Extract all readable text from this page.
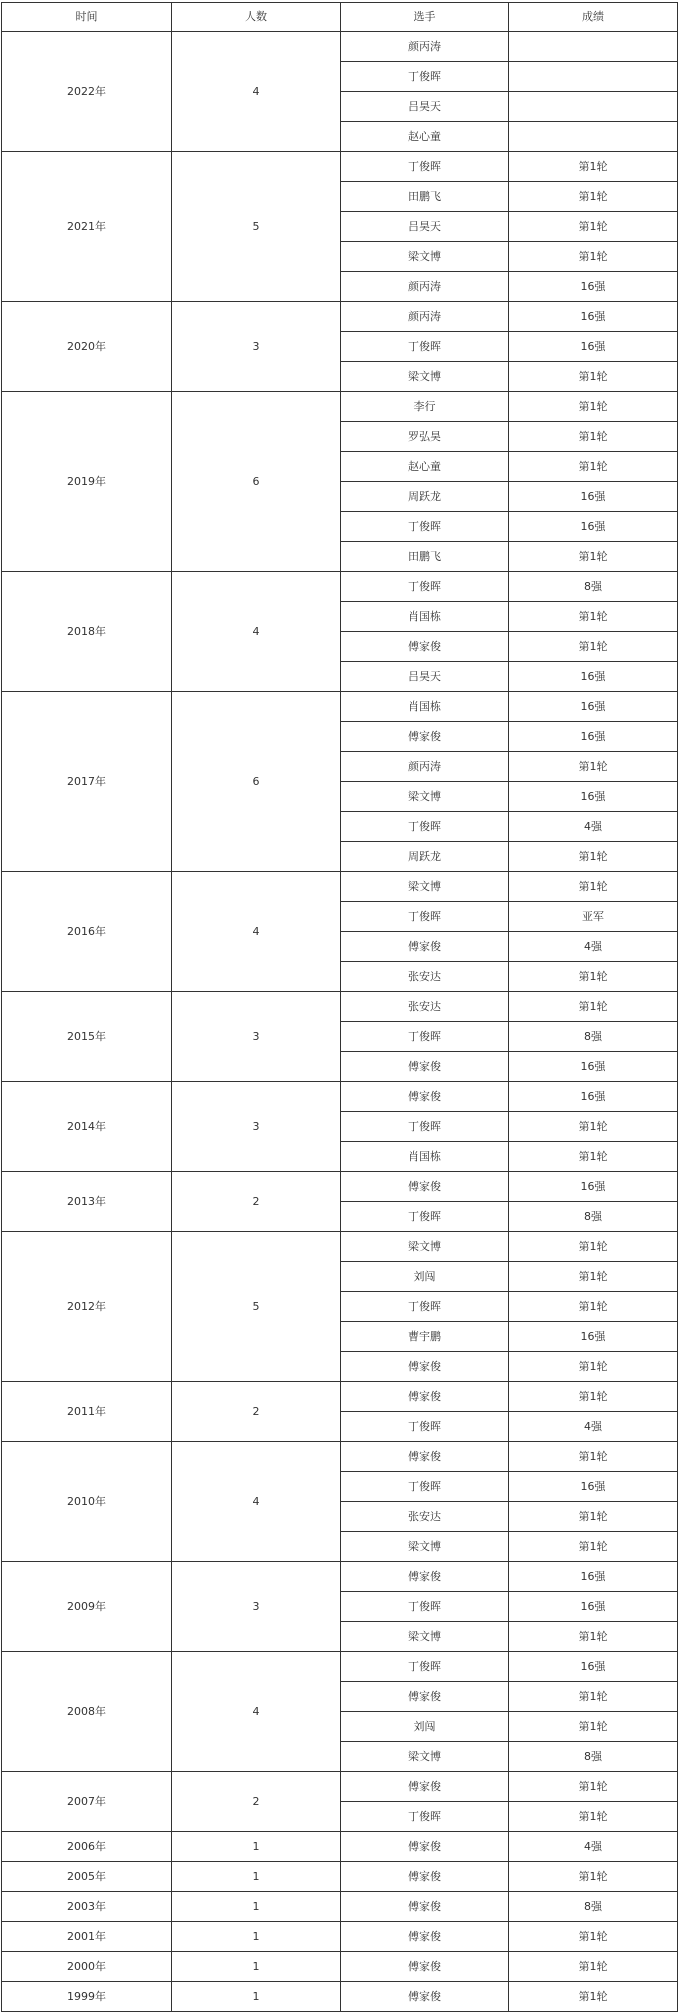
时间	人数	选手	成绩
2022年	4	颜丙涛	
		丁俊晖	
		吕昊天	
		赵心童	
2021年	5	丁俊晖	第1轮
		田鹏飞	第1轮
		吕昊天	第1轮
		梁文博	第1轮
		颜丙涛	16强
2020年	3	颜丙涛	16强
		丁俊晖	16强
		梁文博	第1轮
2019年	6	李行	第1轮
		罗弘昊	第1轮
		赵心童	第1轮
		周跃龙	16强
		丁俊晖	16强
		田鹏飞	第1轮
2018年	4	丁俊晖	8强
		肖国栋	第1轮
		傅家俊	第1轮
		吕昊天	16强
2017年	6	肖国栋	16强
		傅家俊	16强
		颜丙涛	第1轮
		梁文博	16强
		丁俊晖	4强
		周跃龙	第1轮
2016年	4	梁文博	第1轮
		丁俊晖	亚军
		傅家俊	4强
		张安达	第1轮
2015年	3	张安达	第1轮
		丁俊晖	8强
		傅家俊	16强
2014年	3	傅家俊	16强
		丁俊晖	第1轮
		肖国栋	第1轮
2013年	2	傅家俊	16强
		丁俊晖	8强
2012年	5	梁文博	第1轮
		刘闯	第1轮
		丁俊晖	第1轮
		曹宇鹏	16强
		傅家俊	第1轮
2011年	2	傅家俊	第1轮
		丁俊晖	4强
2010年	4	傅家俊	第1轮
		丁俊晖	16强
		张安达	第1轮
		梁文博	第1轮
2009年	3	傅家俊	16强
		丁俊晖	16强
		梁文博	第1轮
2008年	4	丁俊晖	16强
		傅家俊	第1轮
		刘闯	第1轮
		梁文博	8强
2007年	2	傅家俊	第1轮
		丁俊晖	第1轮
2006年	1	傅家俊	4强
2005年	1	傅家俊	第1轮
2003年	1	傅家俊	8强
2001年	1	傅家俊	第1轮
2000年	1	傅家俊	第1轮
1999年	1	傅家俊	第1轮
